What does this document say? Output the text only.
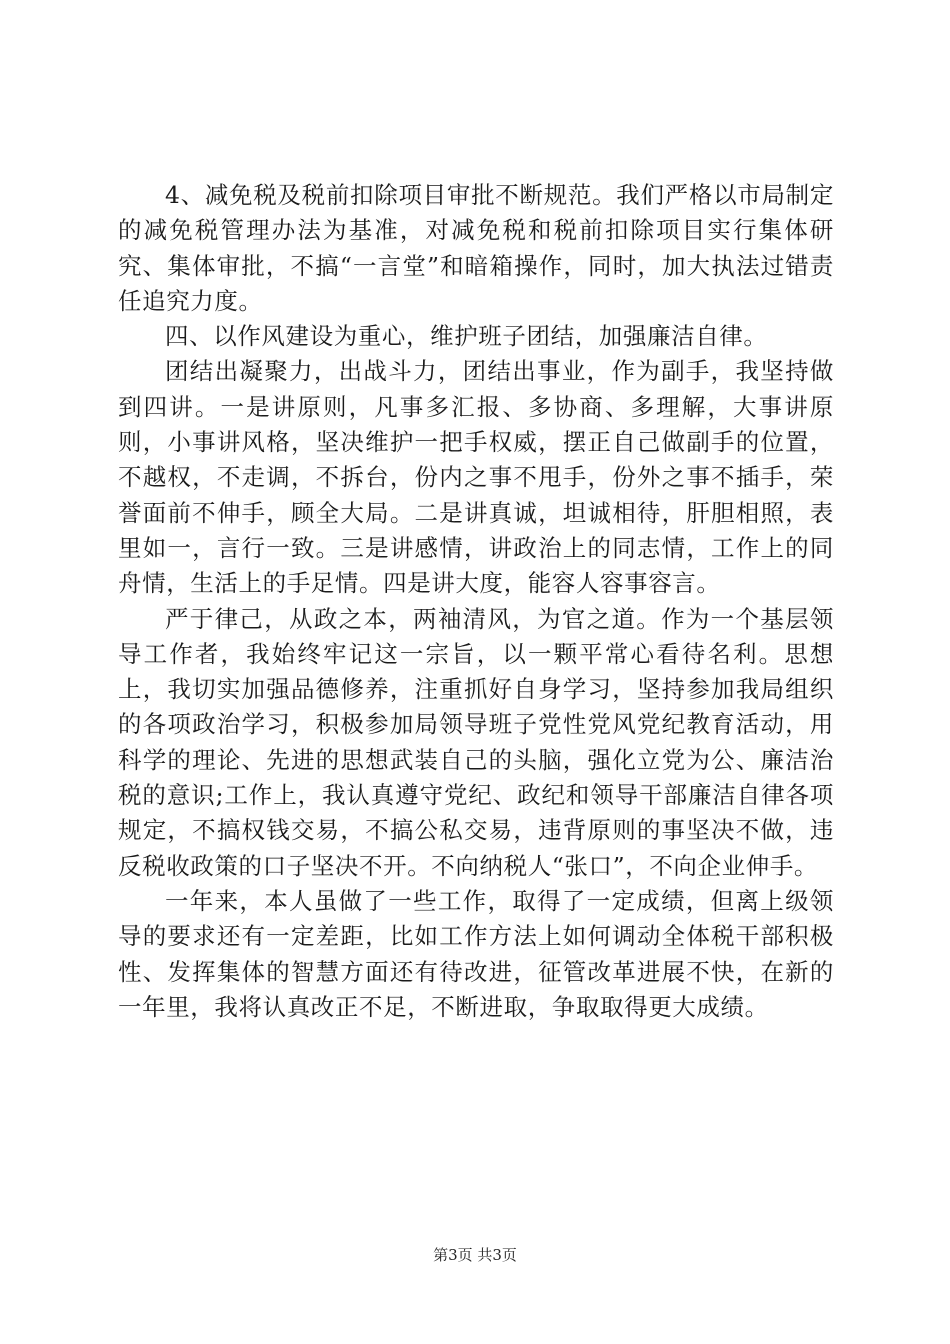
4、减免税及税前扣除项目审批不断规范。我们严格以市局制定的减免税管理办法为基准，对减免税和税前扣除项目实行集体研究、集体审批，不搞“一言堂”和暗箱操作，同时，加大执法过错责任追究力度。

四、以作风建设为重心，维护班子团结，加强廉洁自律。

团结出凝聚力，出战斗力，团结出事业，作为副手，我坚持做到四讲。一是讲原则，凡事多汇报、多协商、多理解，大事讲原则，小事讲风格，坚决维护一把手权威，摆正自己做副手的位置，不越权，不走调，不拆台，份内之事不甩手，份外之事不插手，荣誉面前不伸手，顾全大局。二是讲真诚，坦诚相待，肝胆相照，表里如一，言行一致。三是讲感情，讲政治上的同志情，工作上的同舟情，生活上的手足情。四是讲大度，能容人容事容言。

严于律己，从政之本，两袖清风，为官之道。作为一个基层领导工作者，我始终牢记这一宗旨，以一颗平常心看待名利。思想上，我切实加强品德修养，注重抓好自身学习，坚持参加我局组织的各项政治学习，积极参加局领导班子党性党风党纪教育活动，用科学的理论、先进的思想武装自己的头脑，强化立党为公、廉洁治税的意识;工作上，我认真遵守党纪、政纪和领导干部廉洁自律各项规定，不搞权钱交易，不搞公私交易，违背原则的事坚决不做，违反税收政策的口子坚决不开。不向纳税人“张口”，不向企业伸手。

一年来，本人虽做了一些工作，取得了一定成绩，但离上级领导的要求还有一定差距，比如工作方法上如何调动全体税干部积极性、发挥集体的智慧方面还有待改进，征管改革进展不快，在新的一年里，我将认真改正不足，不断进取，争取取得更大成绩。

第3页 共3页
